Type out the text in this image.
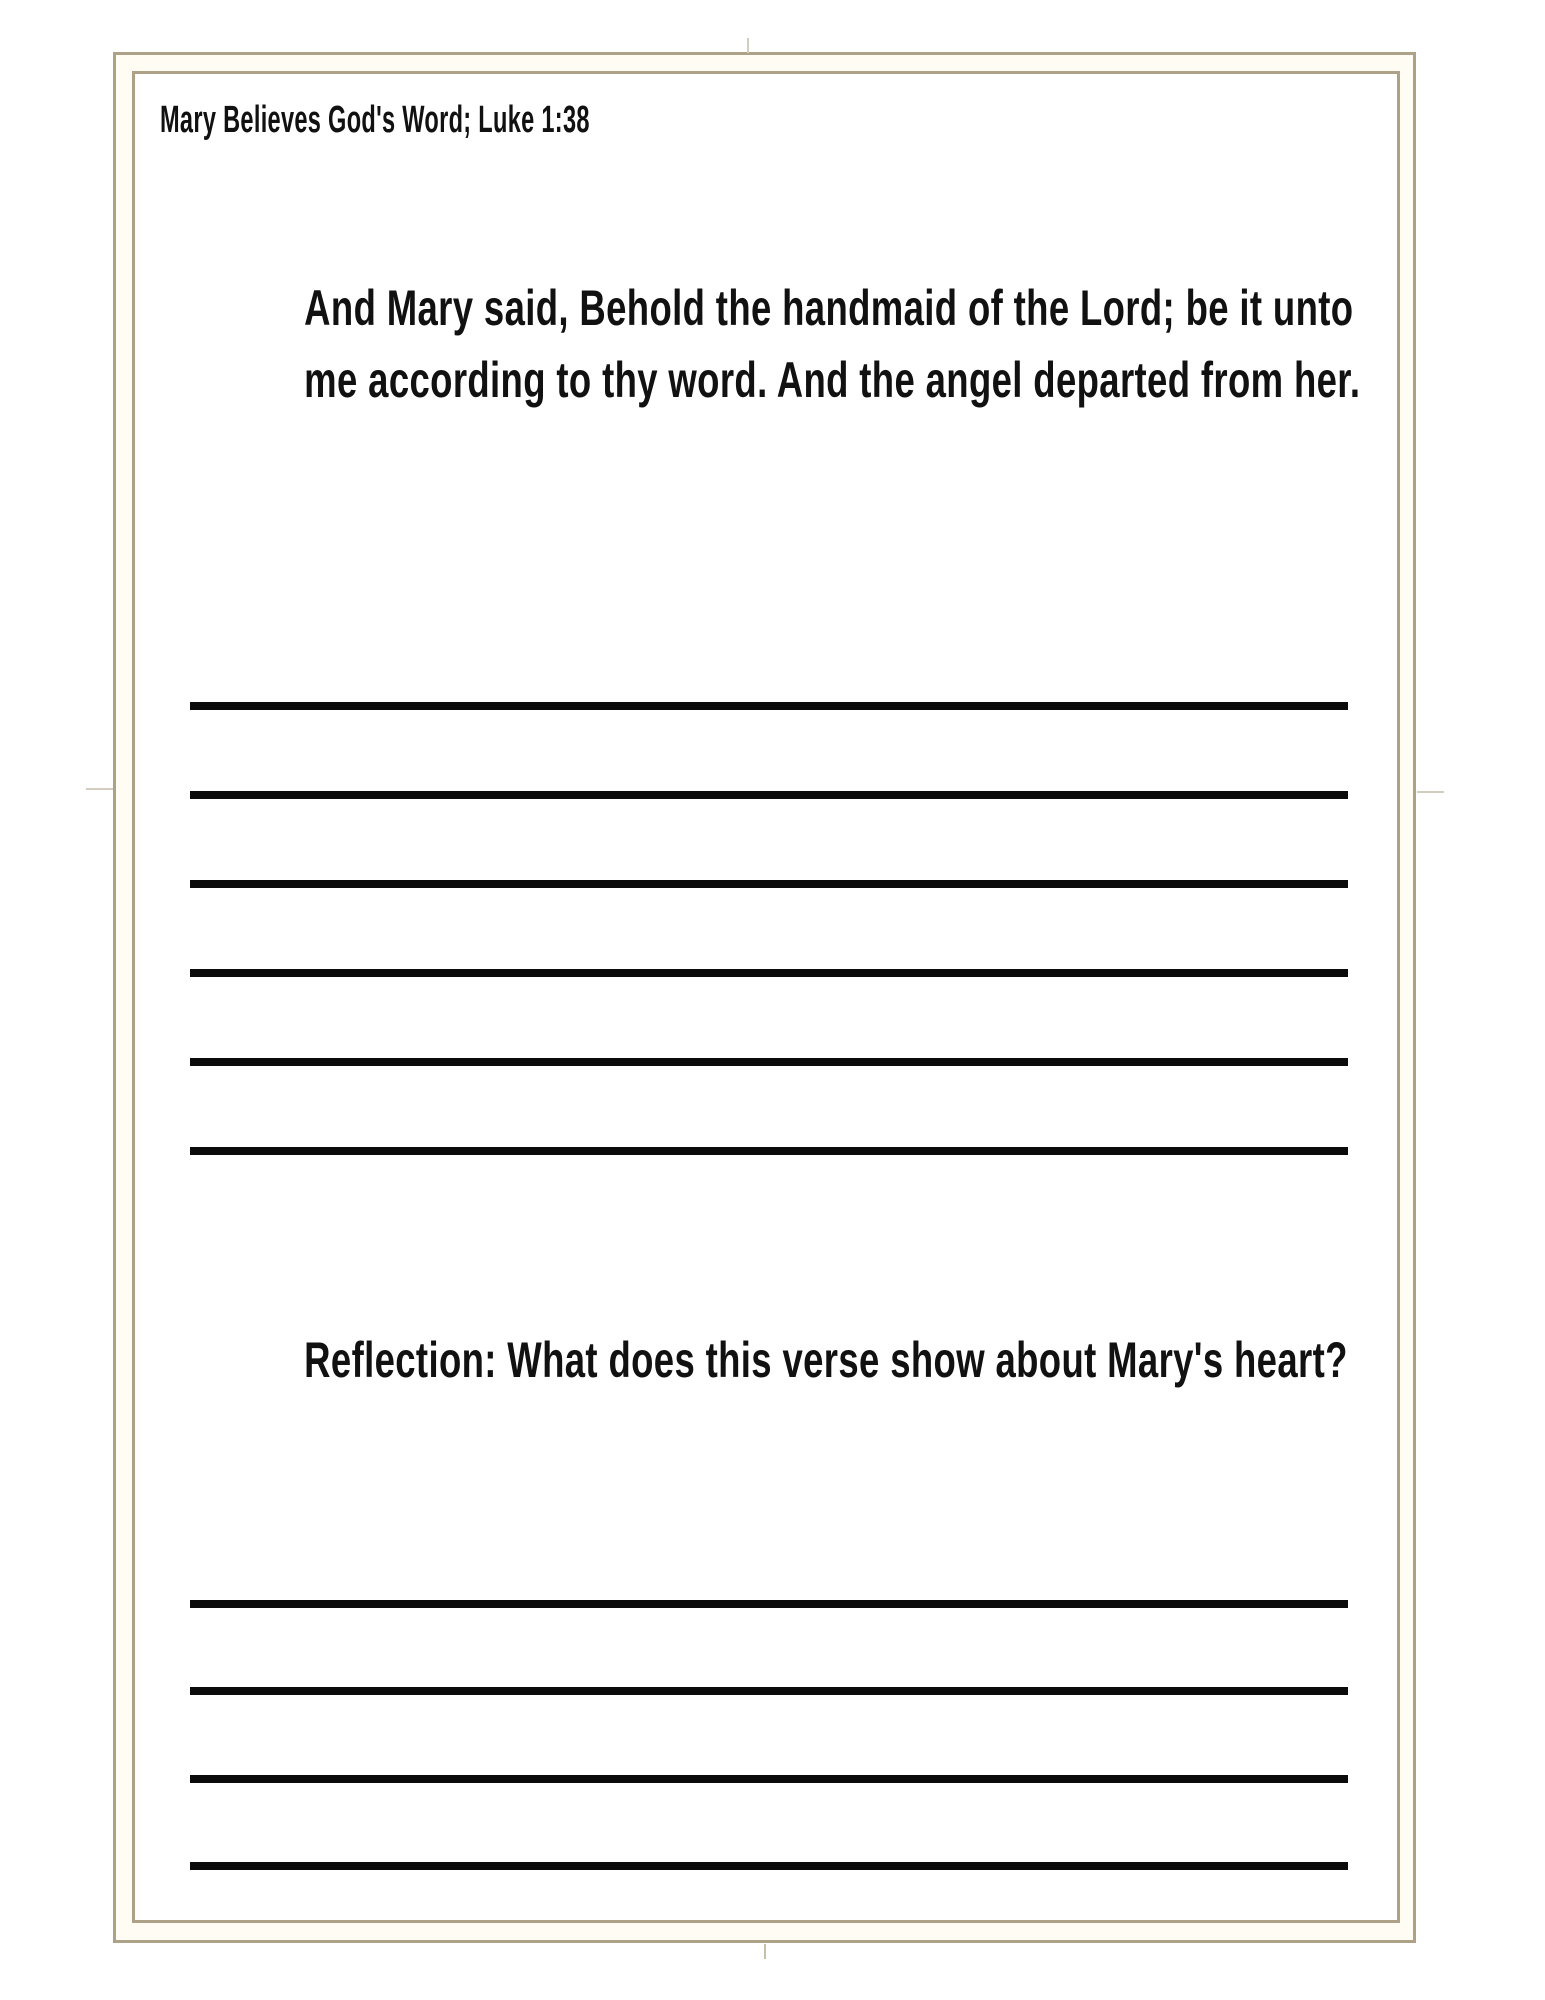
Mary Believes God's Word; Luke 1:38
And Mary said, Behold the handmaid of the Lord; be it unto
me according to thy word. And the angel departed from her.
Reflection: What does this verse show about Mary's heart?
